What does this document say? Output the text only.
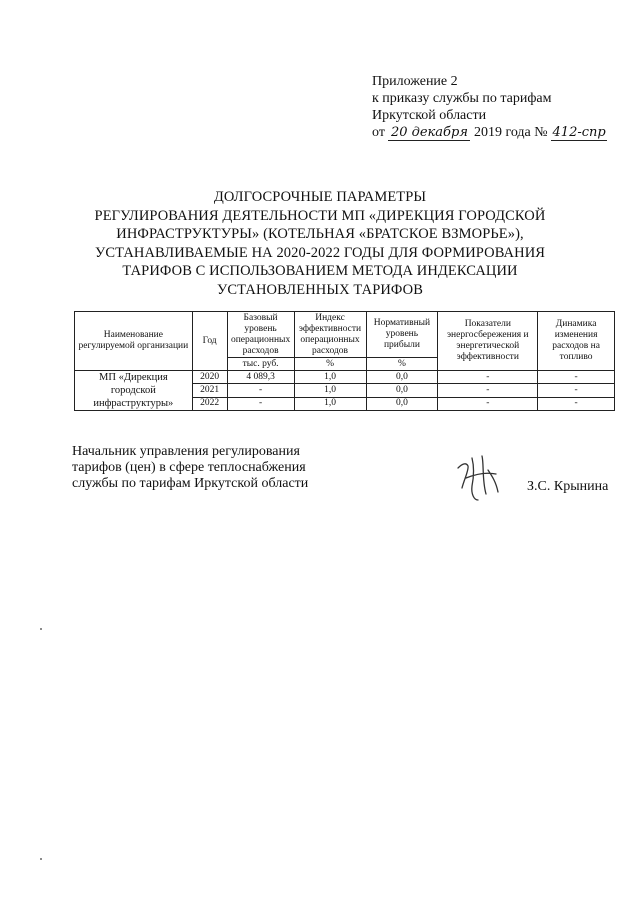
Приложение 2
к приказу службы по тарифам
Иркутской области
от 20 декабря 2019 года № 412-спр
ДОЛГОСРОЧНЫЕ ПАРАМЕТРЫ
РЕГУЛИРОВАНИЯ ДЕЯТЕЛЬНОСТИ МП «ДИРЕКЦИЯ ГОРОДСКОЙ
ИНФРАСТРУКТУРЫ» (КОТЕЛЬНАЯ «БРАТСКОЕ ВЗМОРЬЕ»),
УСТАНАВЛИВАЕМЫЕ НА 2020-2022 ГОДЫ ДЛЯ ФОРМИРОВАНИЯ
ТАРИФОВ С ИСПОЛЬЗОВАНИЕМ МЕТОДА ИНДЕКСАЦИИ
УСТАНОВЛЕННЫХ ТАРИФОВ
Наименование регулируемой организации	Год	Базовый уровень операционных расходов	Индекс эффективности операционных расходов	Нормативный уровень прибыли	Показатели энергосбережения и энергетической эффективности	Динамика изменения расходов на топливо
		тыс. руб.	%	%		

МП «Дирекция
городской
инфраструктуры»	2020	4 089,3	1,0	0,0	-	-
	2021	-	1,0	0,0	-	-
	2022	-	1,0	0,0	-	-
Начальник управления регулирования
тарифов (цен) в сфере теплоснабжения
службы по тарифам Иркутской области	З.С. Крынина
